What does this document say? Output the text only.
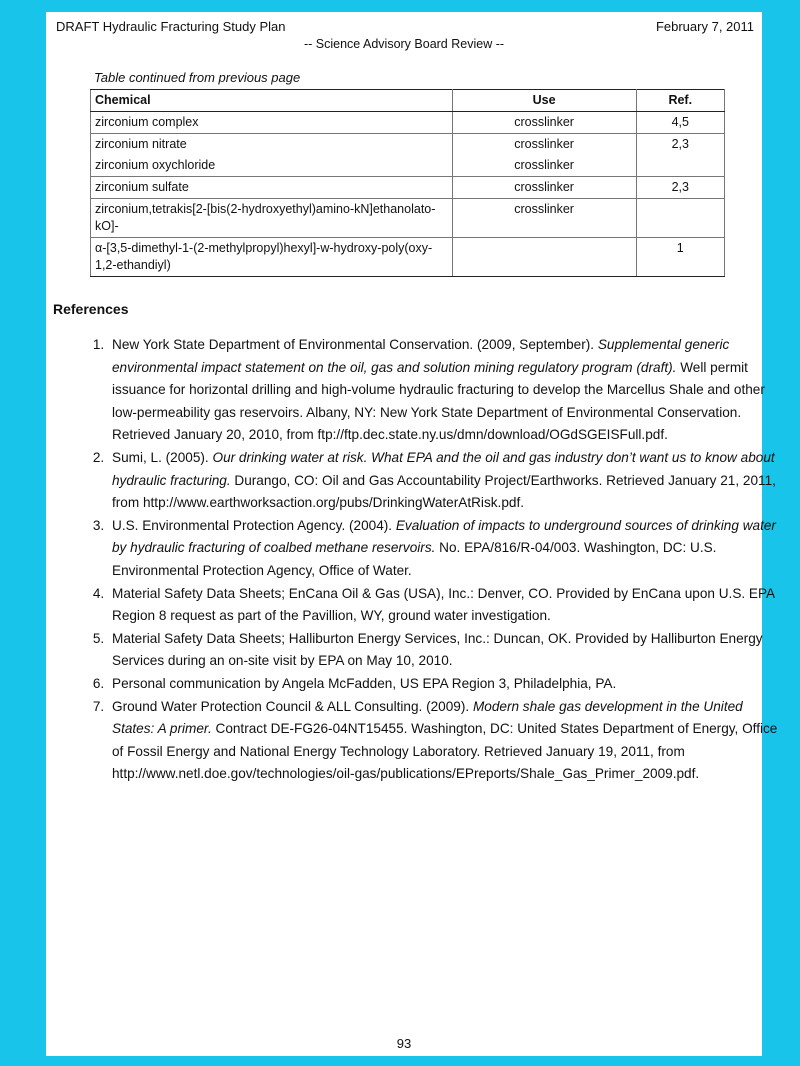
DRAFT Hydraulic Fracturing Study Plan	February 7, 2011
-- Science Advisory Board Review --
Table continued from previous page
Chemical	Use	Ref.
zirconium complex	crosslinker	4,5
zirconium nitrate	crosslinker	2,3
zirconium oxychloride	crosslinker	
zirconium sulfate	crosslinker	2,3
zirconium,tetrakis[2-[bis(2-hydroxyethyl)amino-kN]ethanolato-kO]-	crosslinker	
α-[3,5-dimethyl-1-(2-methylpropyl)hexyl]-w-hydroxy-poly(oxy-1,2-ethandiyl)		1
References
1. New York State Department of Environmental Conservation. (2009, September). Supplemental generic environmental impact statement on the oil, gas and solution mining regulatory program (draft). Well permit issuance for horizontal drilling and high-volume hydraulic fracturing to develop the Marcellus Shale and other low-permeability gas reservoirs. Albany, NY: New York State Department of Environmental Conservation. Retrieved January 20, 2010, from ftp://ftp.dec.state.ny.us/dmn/download/OGdSGEISFull.pdf.
2. Sumi, L. (2005). Our drinking water at risk. What EPA and the oil and gas industry don’t want us to know about hydraulic fracturing. Durango, CO: Oil and Gas Accountability Project/Earthworks. Retrieved January 21, 2011, from http://www.earthworksaction.org/pubs/DrinkingWaterAtRisk.pdf.
3. U.S. Environmental Protection Agency. (2004). Evaluation of impacts to underground sources of drinking water by hydraulic fracturing of coalbed methane reservoirs. No. EPA/816/R-04/003. Washington, DC: U.S. Environmental Protection Agency, Office of Water.
4. Material Safety Data Sheets; EnCana Oil & Gas (USA), Inc.: Denver, CO. Provided by EnCana upon U.S. EPA Region 8 request as part of the Pavillion, WY, ground water investigation.
5. Material Safety Data Sheets; Halliburton Energy Services, Inc.: Duncan, OK. Provided by Halliburton Energy Services during an on-site visit by EPA on May 10, 2010.
6. Personal communication by Angela McFadden, US EPA Region 3, Philadelphia, PA.
7. Ground Water Protection Council & ALL Consulting. (2009). Modern shale gas development in the United States: A primer. Contract DE-FG26-04NT15455. Washington, DC: United States Department of Energy, Office of Fossil Energy and National Energy Technology Laboratory. Retrieved January 19, 2011, from http://www.netl.doe.gov/technologies/oil-gas/publications/EPreports/Shale_Gas_Primer_2009.pdf.
93
